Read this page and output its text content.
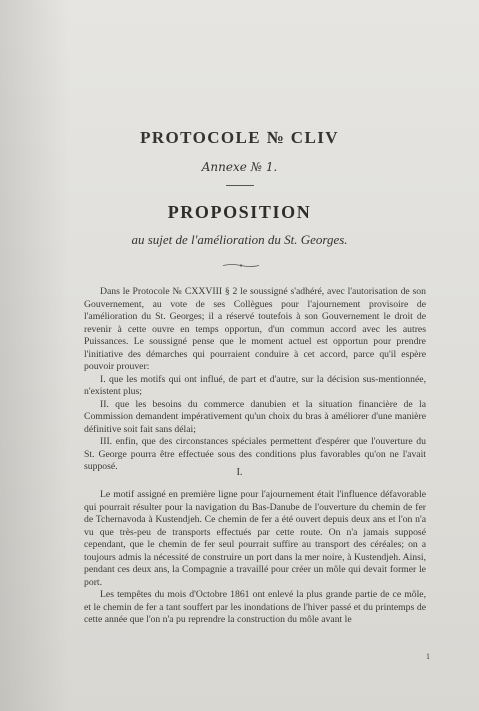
PROTOCOLE № CLIV
Annexe № 1.
PROPOSITION
au sujet de l'amélioration du St. Georges.

Dans le Protocole № CXXVIII § 2 le soussigné s'adhéré, avec l'autorisation de son Gouvernement, au vote de ses Collègues pour l'ajournement provisoire de l'amélioration du St. Georges; il a réservé toutefois à son Gouvernement le droit de revenir à cette ouvre en temps opportun, d'un commun accord avec les autres Puissances. Le soussigné pense que le moment actuel est opportun pour prendre l'initiative des démarches qui pourraient conduire à cet accord, parce qu'il espère pouvoir prouver:

I. que les motifs qui ont influé, de part et d'autre, sur la décision sus-mentionnée, n'existent plus;

II. que les besoins du commerce danubien et la situation financière de la Commission demandent impérativement qu'un choix du bras à améliorer d'une manière définitive soit fait sans délai;

III. enfin, que des circonstances spéciales permettent d'espérer que l'ouverture du St. George pourra être effectuée sous des conditions plus favorables qu'on ne l'avait supposé.

I.

Le motif assigné en première ligne pour l'ajournement était l'influence défavorable qui pourrait résulter pour la navigation du Bas-Danube de l'ouverture du chemin de fer de Tchernavoda à Kustendjeh. Ce chemin de fer a été ouvert depuis deux ans et l'on n'a vu que très-peu de transports effectués par cette route. On n'a jamais supposé cependant, que le chemin de fer seul pourrait suffire au transport des céréales; on a toujours admis la nécessité de construire un port dans la mer noire, à Kustendjeh. Ainsi, pendant ces deux ans, la Compagnie a travaillé pour créer un môle qui devait former le port.

Les tempêtes du mois d'Octobre 1861 ont enlevé la plus grande partie de ce môle, et le chemin de fer a tant souffert par les inondations de l'hiver passé et du printemps de cette année que l'on n'a pu reprendre la construction du môle avant le

1
